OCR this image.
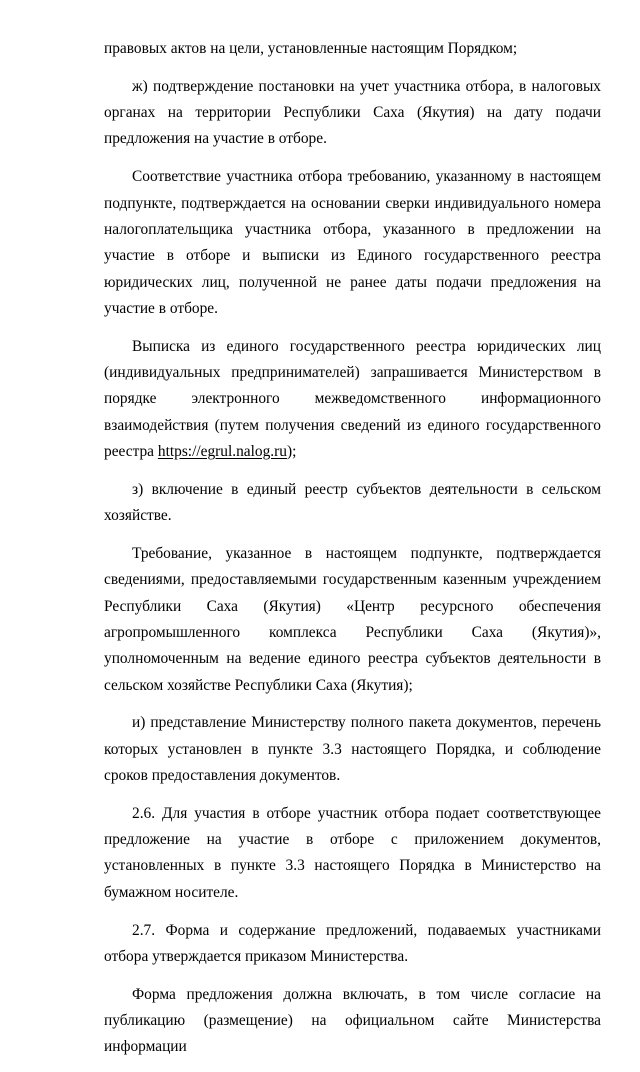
правовых актов на цели, установленные настоящим Порядком;

ж) подтверждение постановки на учет участника отбора, в налоговых органах на территории Республики Саха (Якутия) на дату подачи предложения на участие в отборе.

Соответствие участника отбора требованию, указанному в настоящем подпункте, подтверждается на основании сверки индивидуального номера налогоплательщика участника отбора, указанного в предложении на участие в отборе и выписки из Единого государственного реестра юридических лиц, полученной не ранее даты подачи предложения на участие в отборе.

Выписка из единого государственного реестра юридических лиц (индивидуальных предпринимателей) запрашивается Министерством в порядке электронного межведомственного информационного взаимодействия (путем получения сведений из единого государственного реестра https://egrul.nalog.ru);

з) включение в единый реестр субъектов деятельности в сельском хозяйстве.

Требование, указанное в настоящем подпункте, подтверждается сведениями, предоставляемыми государственным казенным учреждением Республики Саха (Якутия) «Центр ресурсного обеспечения агропромышленного комплекса Республики Саха (Якутия)», уполномоченным на ведение единого реестра субъектов деятельности в сельском хозяйстве Республики Саха (Якутия);

и) представление Министерству полного пакета документов, перечень которых установлен в пункте 3.3 настоящего Порядка, и соблюдение сроков предоставления документов.

2.6. Для участия в отборе участник отбора подает соответствующее предложение на участие в отборе с приложением документов, установленных в пункте 3.3 настоящего Порядка в Министерство на бумажном носителе.

2.7. Форма и содержание предложений, подаваемых участниками отбора утверждается приказом Министерства.

Форма предложения должна включать, в том числе согласие на публикацию (размещение) на официальном сайте Министерства информации
